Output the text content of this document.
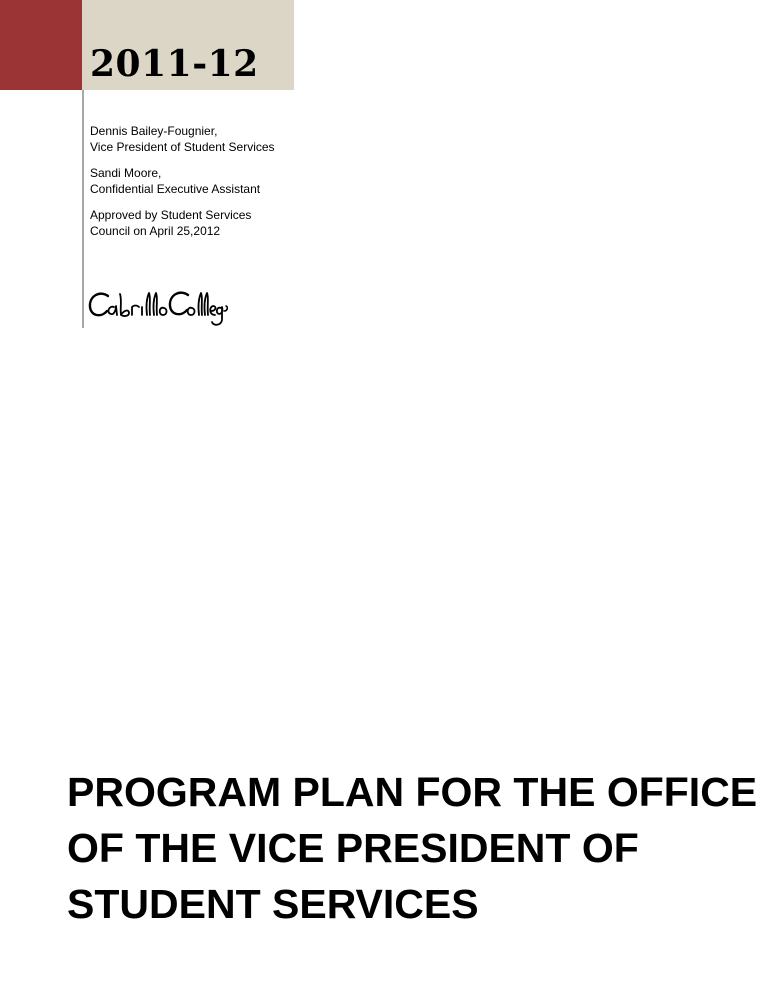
2011-12

Dennis Bailey-Fougnier,
Vice President of Student Services

Sandi Moore,
Confidential Executive Assistant

Approved by Student Services
Council on April 25,2012

PROGRAM PLAN FOR THE OFFICE
OF THE VICE PRESIDENT OF
STUDENT SERVICES
